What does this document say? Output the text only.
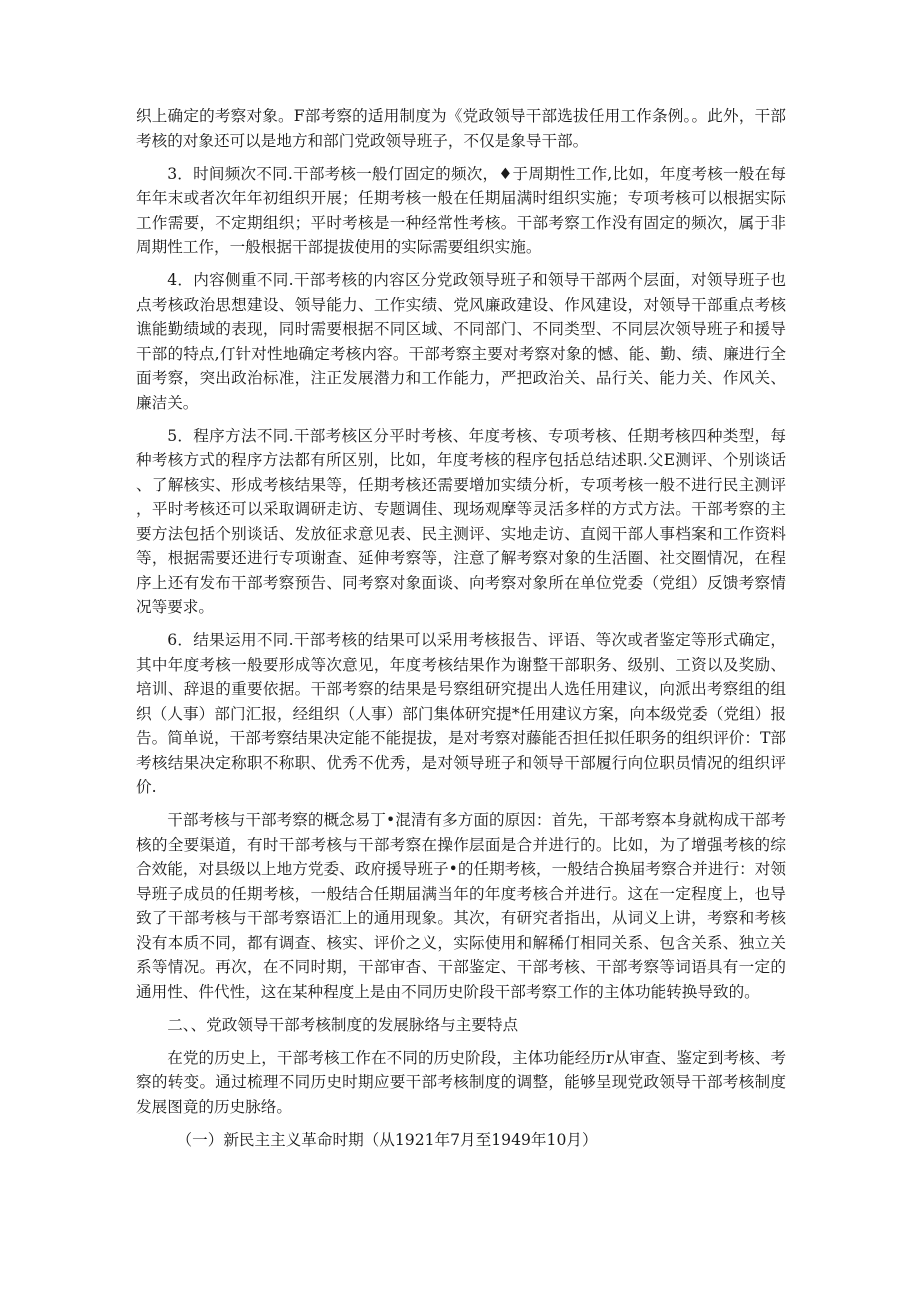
织上确定的考察对象。F部考察的适用制度为《党政领导干部选拔任用工作条例。。此外，干部考核的对象还可以是地方和部门党政领导班子，不仅是象导干部。

3．时间频次不同.干部考核一般仃固定的频次，♦于周期性工作,比如，年度考核一般在每年年末或者次年年初组织开展；任期考核一般在任期届满时组织实施；专项考核可以根据实际工作需要，不定期组织；平时考核是一种经常性考核。干部考察工作没有固定的频次，属于非周期性工作，一般根据干部提拔使用的实际需要组织实施。

4．内容侧重不同.干部考核的内容区分党政领导班子和领导干部两个层面，对领导班子也点考核政治思想建设、领导能力、工作实绩、党风廉政建设、作风建设，对领导干部重点考核谯能勤绩域的表现，同时需要根据不同区域、不同部门、不同类型、不同层次领导班子和援导干部的特点,仃针对性地确定考核内容。干部考察主要对考察对象的憾、能、勤、绩、廉进行全面考察，突出政治标准，注正发展潜力和工作能力，严把政治关、品行关、能力关、作风关、廉洁关。

5．程序方法不同.干部考核区分平时考核、年度考核、专项考核、任期考核四种类型，每种考核方式的程序方法都有所区别，比如，年度考核的程序包括总结述职.父E测评、个别谈话、了解核实、形成考核结果等，任期考核还需要增加实绩分析，专项考核一般不进行民主测评，平时考核还可以采取调研走访、专题调佳、现场观摩等灵活多样的方式方法。干部考察的主要方法包括个别谈话、发放征求意见表、民主测评、实地走访、直阅干部人事档案和工作资料等，根据需要还进行专项谢查、延伸考察等，注意了解考察对象的生活圈、社交圈情况，在程序上还有发布干部考察预告、同考察对象面谈、向考察对象所在单位党委（党组）反馈考察情况等要求。

6．结果运用不同.干部考核的结果可以采用考核报告、评语、等次或者鉴定等形式确定，其中年度考核一般要形成等次意见，年度考核结果作为谢整干部职务、级别、工资以及奖励、培训、辞退的重要依据。干部考察的结果是号察组研究提出人选任用建议，向派出考察组的组织（人事）部门汇报，经组织（人事）部门集体研究提*任用建议方案，向本级党委（党组）报告。简单说，干部考察结果决定能不能提拔，是对考察对藤能否担任拟任职务的组织评价：T部考核结果决定称职不称职、优秀不优秀，是对领导班子和领导干部履行向位职员情况的组织评价.

干部考核与干部考察的概念易丁•混清有多方面的原因：首先，干部考察本身就构成干部考核的全要渠道，有时干部考核与干部考察在操作层面是合并进行的。比如，为了增强考核的综合效能，对县级以上地方党委、政府援导班子•的任期考核，一般结合换届考察合并进行：对领导班子成员的任期考核，一般结合任期届满当年的年度考核合并进行。这在一定程度上，也导致了干部考核与干部考察语汇上的通用现象。其次，有研究者指出，从词义上讲，考察和考核没有本质不同，都有调查、核实、评价之义，实际使用和解稀仃相同关系、包含关系、独立关系等情况。再次，在不同时期，干部审杳、干部鉴定、干部考核、干部考察等词语具有一定的通用性、件代性，这在某种程度上是由不同历史阶段干部考察工作的主体功能转换导致的。

二、、党政领导干部考核制度的发展脉络与主要特点

在党的历史上，干部考核工作在不同的历史阶段，主体功能经历r从审查、鉴定到考核、考察的转变。通过梳理不同历史时期应要干部考核制度的调整，能够呈现党政领导干部考核制度发展图竟的历史脉络。

（一）新民主主义革命时期（从1921年7月至1949年10月）
